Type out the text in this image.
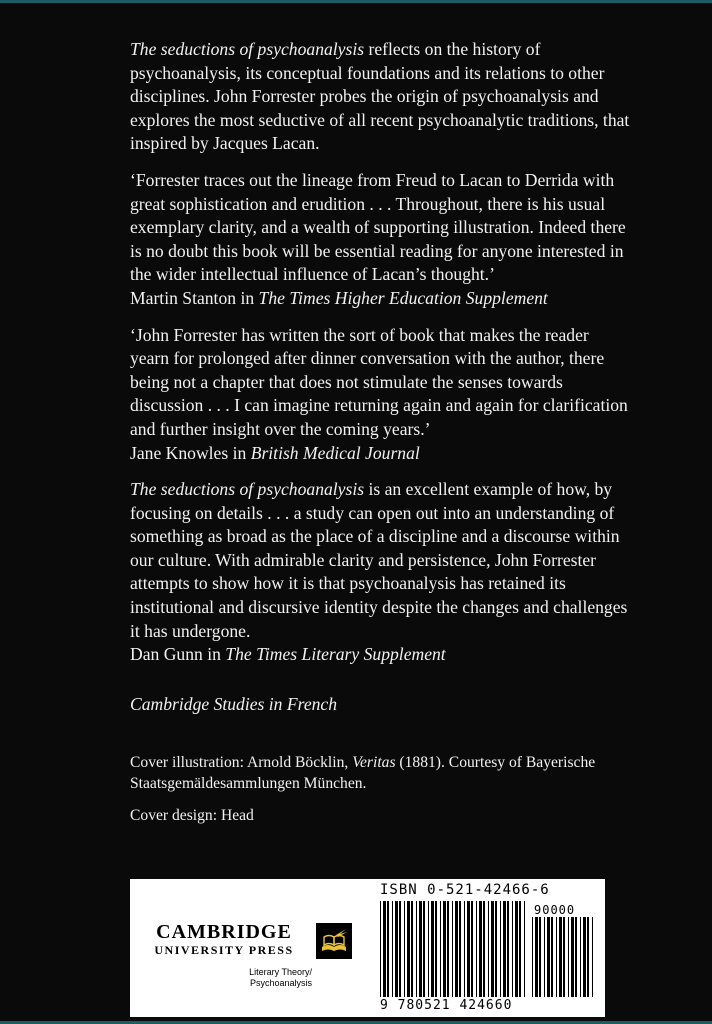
The seductions of psychoanalysis reflects on the history of psychoanalysis, its conceptual foundations and its relations to other disciplines. John Forrester probes the origin of psychoanalysis and explores the most seductive of all recent psychoanalytic traditions, that inspired by Jacques Lacan.

‘Forrester traces out the lineage from Freud to Lacan to Derrida with great sophistication and erudition . . . Throughout, there is his usual exemplary clarity, and a wealth of supporting illustration. Indeed there is no doubt this book will be essential reading for anyone interested in the wider intellectual influence of Lacan’s thought.’
Martin Stanton in The Times Higher Education Supplement

‘John Forrester has written the sort of book that makes the reader yearn for prolonged after dinner conversation with the author, there being not a chapter that does not stimulate the senses towards discussion . . . I can imagine returning again and again for clarification and further insight over the coming years.’
Jane Knowles in British Medical Journal

The seductions of psychoanalysis is an excellent example of how, by focusing on details . . . a study can open out into an understanding of something as broad as the place of a discipline and a discourse within our culture. With admirable clarity and persistence, John Forrester attempts to show how it is that psychoanalysis has retained its institutional and discursive identity despite the changes and challenges it has undergone.
Dan Gunn in The Times Literary Supplement

Cambridge Studies in French

Cover illustration: Arnold Böcklin, Veritas (1881). Courtesy of Bayerische Staatsgemäldesammlungen München.

Cover design: Head

CAMBRIDGE
UNIVERSITY PRESS
Literary Theory/
Psychoanalysis
ISBN 0-521-42466-6
90000
9 780521 424660
